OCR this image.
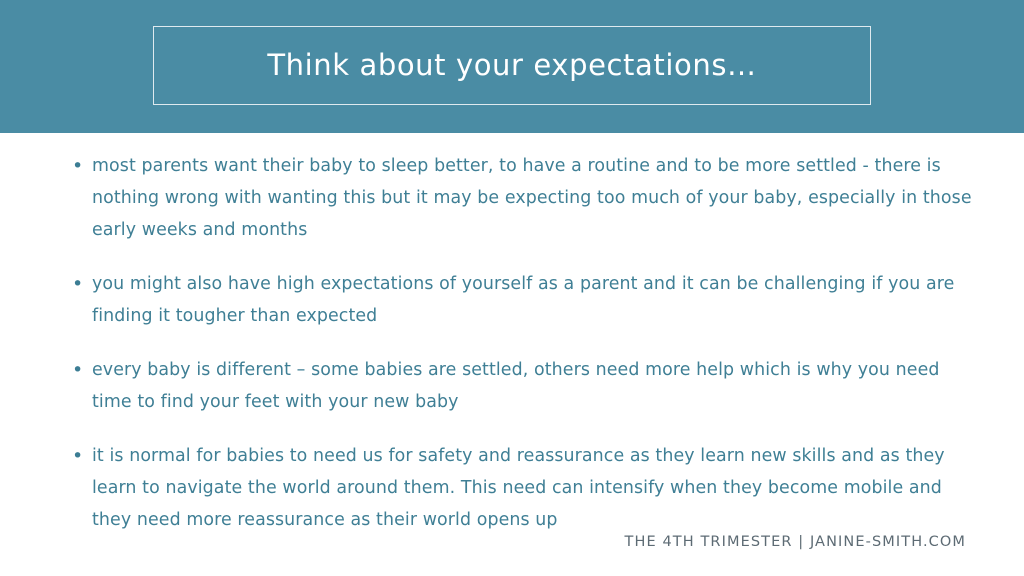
Think about your expectations…
• most parents want their baby to sleep better, to have a routine and to be more settled - there is nothing wrong with wanting this but it may be expecting too much of your baby, especially in those early weeks and months
• you might also have high expectations of yourself as a parent and it can be challenging if you are finding it tougher than expected
• every baby is different – some babies are settled, others need more help which is why you need time to find your feet with your new baby
• it is normal for babies to need us for safety and reassurance as they learn new skills and as they learn to navigate the world around them. This need can intensify when they become mobile and they need more reassurance as their world opens up
THE 4TH TRIMESTER | JANINE-SMITH.COM
